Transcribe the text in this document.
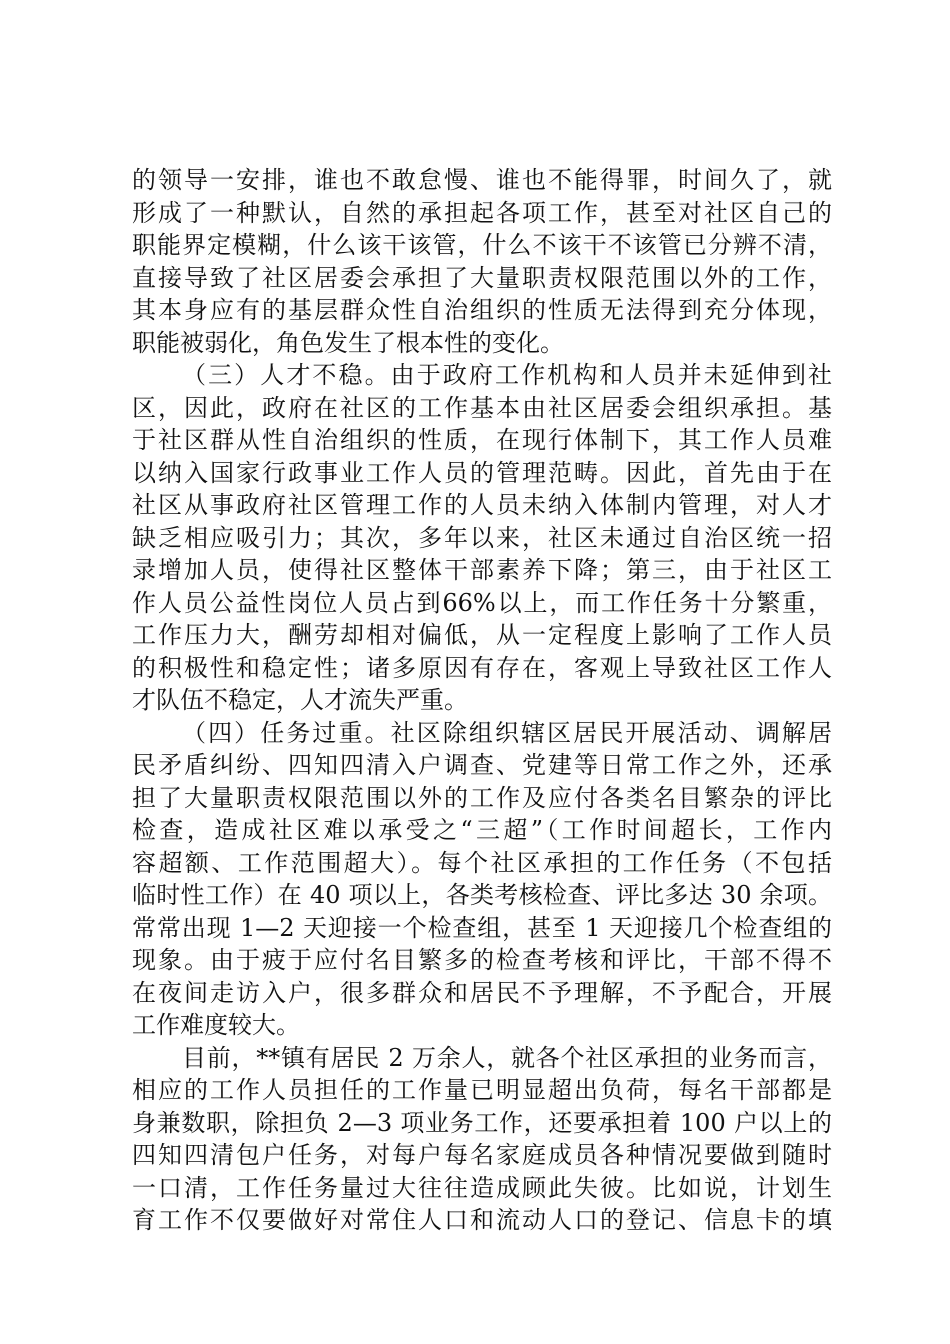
的领导一安排，谁也不敢怠慢、谁也不能得罪，时间久了，就
形成了一种默认，自然的承担起各项工作，甚至对社区自己的
职能界定模糊，什么该干该管，什么不该干不该管已分辨不清，
直接导致了社区居委会承担了大量职责权限范围以外的工作，
其本身应有的基层群众性自治组织的性质无法得到充分体现，
职能被弱化，角色发生了根本性的变化。
（三）人才不稳。由于政府工作机构和人员并未延伸到社
区，因此，政府在社区的工作基本由社区居委会组织承担。基
于社区群从性自治组织的性质，在现行体制下，其工作人员难
以纳入国家行政事业工作人员的管理范畴。因此，首先由于在
社区从事政府社区管理工作的人员未纳入体制内管理，对人才
缺乏相应吸引力；其次，多年以来，社区未通过自治区统一招
录增加人员，使得社区整体干部素养下降；第三，由于社区工
作人员公益性岗位人员占到66%以上，而工作任务十分繁重，
工作压力大，酬劳却相对偏低，从一定程度上影响了工作人员
的积极性和稳定性；诸多原因有存在，客观上导致社区工作人
才队伍不稳定，人才流失严重。
（四）任务过重。社区除组织辖区居民开展活动、调解居
民矛盾纠纷、四知四清入户调查、党建等日常工作之外，还承
担了大量职责权限范围以外的工作及应付各类名目繁杂的评比
检查，造成社区难以承受之“三超”（工作时间超长，工作内
容超额、工作范围超大）。每个社区承担的工作任务（不包括
临时性工作）在 40 项以上，各类考核检查、评比多达 30 余项。
常常出现 1—2 天迎接一个检查组，甚至 1 天迎接几个检查组的
现象。由于疲于应付名目繁多的检查考核和评比，干部不得不
在夜间走访入户，很多群众和居民不予理解，不予配合，开展
工作难度较大。
目前，**镇有居民 2 万余人，就各个社区承担的业务而言，
相应的工作人员担任的工作量已明显超出负荷，每名干部都是
身兼数职，除担负 2—3 项业务工作，还要承担着 100 户以上的
四知四清包户任务，对每户每名家庭成员各种情况要做到随时
一口清，工作任务量过大往往造成顾此失彼。比如说，计划生
育工作不仅要做好对常住人口和流动人口的登记、信息卡的填
